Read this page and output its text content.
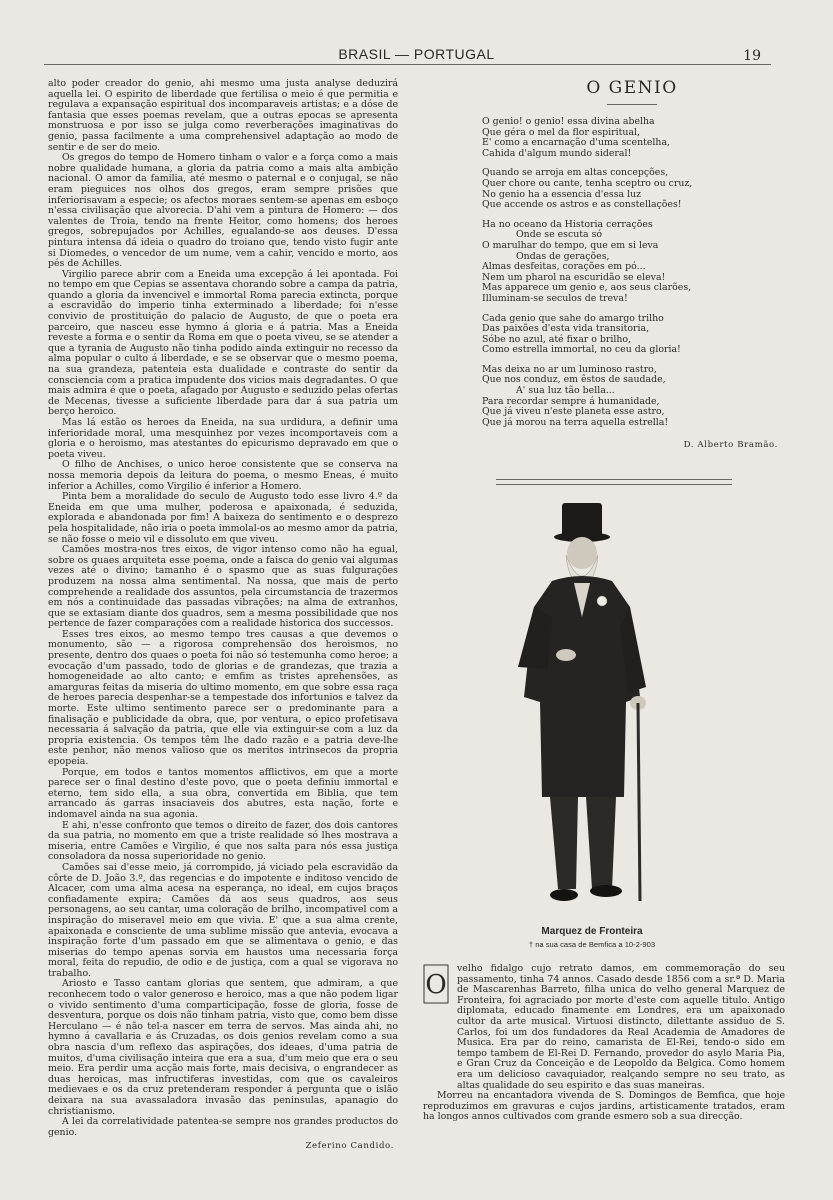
BRASIL — PORTUGAL	19

alto poder creador do genio, ahi mesmo uma justa analyse deduzirá aquella lei. O espirito de liberdade que fertilisa o meio é que permitia e regulava a expansação espiritual dos incomparaveis artistas; e a dóse de fantasia que esses poemas revelam, que a outras epocas se apresenta monstruosa e por isso se julga como reverberações imaginativas do genio, passa facilmente a uma comprehensivel adaptação ao modo de sentir e de ser do meio.

Os gregos do tempo de Homero tinham o valor e a força como a mais nobre qualidade humana, a gloria da patria como a mais alta ambição nacional. O amor da familia, até mesmo o paternal e o conjugal, se não eram pieguices nos olhos dos gregos, eram sempre prisões que inferiorisavam a especie; os afectos moraes sentem-se apenas em esboço n'essa civilisação que alvorecia. D'ahi vem a pintura de Homero: — dos valentes de Troia, tendo na frente Heitor, como homens; dos heroes gregos, sobrepujados por Achilles, egualando-se aos deuses. D'essa pintura intensa dá ideia o quadro do troiano que, tendo visto fugir ante si Diomedes, o vencedor de um nume, vem a cahir, vencido e morto, aos pés de Achilles.

Virgilio parece abrir com a Eneida uma excepção á lei apontada. Foi no tempo em que Cepias se assentava chorando sobre a campa da patria, quando a gloria da invencivel e immortal Roma parecia extincta, porque a escravidão do imperio tinha exterminado a liberdade; foi n'esse convivio de prostituição do palacio de Augusto, de que o poeta era parceiro, que nasceu esse hymno á gloria e á patria. Mas a Eneida reveste a forma e o sentir da Roma em que o poeta viveu, se se atender a que a tyrania de Augusto não tinha podido ainda extinguir no recesso da alma popular o culto á liberdade, e se se observar que o mesmo poema, na sua grandeza, patenteia esta dualidade e contraste do sentir da consciencia com a pratica impudente dos vicios mais degradantes. O que mais admira é que o poeta, afagado por Augusto e seduzido pelas ofertas de Mecenas, tivesse a suficiente liberdade para dar á sua patria um berço heroico.

Mas lá estão os heroes da Eneida, na sua urdidura, a definir uma inferioridade moral, uma mesquinhez por vezes incomportaveis com a gloria e o heroismo, mas atestantes do epicurismo depravado em que o poeta viveu.

O filho de Anchises, o unico heroe consistente que se conserva na nossa memoria depois da leitura do poema, o mesmo Eneas, é muito inferior a Achilles, como Virgilio é inferior a Homero.

Pinta bem a moralidade do seculo de Augusto todo esse livro 4.º da Eneida em que uma mulher, poderosa e apaixonada, é seduzida, explorada e abandonada por fim! A baixeza do sentimento e o desprezo pela hospitalidade, não iria o poeta immolal-os ao mesmo amor da patria, se não fosse o meio vil e dissoluto em que viveu.

Camões mostra-nos tres eixos, de vigor intenso como não ha egual, sobre os quaes arquiteta esse poema, onde a faisca do genio vai algumas vezes até o divino; tamanho é o spasmo que as suas fulgurações produzem na nossa alma sentimental. Na nossa, que mais de perto comprehende a realidade dos assuntos, pela circumstancia de trazermos em nós a continuidade das passadas vibrações; na alma de extranhos, que se extasiam diante dos quadros, sem a mesma possibilidade que nos pertence de fazer comparações com a realidade historica dos successos.

Esses tres eixos, ao mesmo tempo tres causas a que devemos o monumento, são — a rigorosa comprehensão dos heroismos, no presente, dentro dos quaes o poeta foi não só testemunha como heroe; a evocação d'um passado, todo de glorias e de grandezas, que trazia a homogeneidade ao alto canto; e emfim as tristes aprehensões, as amarguras feitas da miseria do ultimo momento, em que sobre essa raça de heroes parecia despenhar-se a tempestade dos infortunios e talvez da morte. Este ultimo sentimento parece ser o predominante para a finalisação e publicidade da obra, que, por ventura, o epico profetisava necessaria á salvação da patria, que elle via extinguir-se com a luz da propria existencia. Os tempos têm lhe dado razão e a patria deve-lhe este penhor, não menos valioso que os meritos intrinsecos da propria epopeia.

Porque, em todos e tantos momentos afflictivos, em que a morte parece ser o final destino d'este povo, que o poeta definiu immortal e eterno, tem sido ella, a sua obra, convertida em Biblia, que tem arrancado ás garras insaciaveis dos abutres, esta nação, forte e indomavel ainda na sua agonia.

E ahi, n'esse confronto que temos o direito de fazer, dos dois cantores da sua patria, no momento em que a triste realidade só lhes mostrava a miseria, entre Camões e Virgilio, é que nos salta para nós essa justiça consoladora da nossa superioridade no genio.

Camões sai d'esse meio, já corrompido, já viciado pela escravidão da côrte de D. João 3.º, das regencias e do impotente e inditoso vencido de Alcacer, com uma alma acesa na esperança, no ideal, em cujos braços confiadamente expira; Camões dá aos seus quadros, aos seus personagens, ao seu cantar, uma coloração de brilho, incompativel com a inspiração do miseravel meio em que vivia. E' que a sua alma crente, apaixonada e consciente de uma sublime missão que antevia, evocava a inspiração forte d'um passado em que se alimentava o genio, e das miserias do tempo apenas sorvia em haustos uma necessaria força moral, feita do repudio, de odio e de justiça, com a qual se vigorava no trabalho.

Ariosto e Tasso cantam glorias que sentem, que admiram, a que reconhecem todo o valor generoso e heroico, mas a que não podem ligar o vivido sentimento d'uma comparticipação, fosse de gloria, fosse de desventura, porque os dois não tinham patria, visto que, como bem disse Herculano — é não tel-a nascer em terra de servos. Mas ainda ahi, no hymno á cavallaria e ás Cruzadas, os dois genios revelam como a sua obra nascia d'um reflexo das aspirações, dos ideaes, d'uma patria de muitos, d'uma civilisação inteira que era a sua, d'um meio que era o seu meio. Era perdir uma acção mais forte, mais decisiva, o engrandecer as duas heroicas, mas infructiferas investidas, com que os cavaleiros medievaes e os da cruz pretenderam responder á pergunta que o islão deixara na sua avassaladora invasão das peninsulas, apanagio do christianismo.

A lei da correlatividade patentea-se sempre nos grandes productos do genio.

Zeferino Candido.
O GENIO
O genio! o genio! essa divina abelha
Que géra o mel da flor espiritual,
E' como a encarnação d'uma scentelha,
Cahida d'algum mundo sideral!
Quando se arroja em altas concepções,
Quer chore ou cante, tenha sceptro ou cruz,
No genio ha a essencia d'essa luz
Que accende os astros e as constellações!
Ha no oceano da Historia cerrações
Onde se escuta só
O marulhar do tempo, que em si leva
Ondas de gerações,
Almas desfeitas, corações em pó...
Nem um pharol na escuridão se eleva!
Mas apparece um genio e, aos seus clarões,
Illuminam-se seculos de treva!
Cada genio que sahe do amargo trilho
Das paixões d'esta vida transitoria,
Sóbe no azul, até fixar o brilho,
Como estrella immortal, no ceu da gloria!
Mas deixa no ar um luminoso rastro,
Que nos conduz, em êstos de saudade,
A' sua luz tão bella...
Para recordar sempre á humanidade,
Que já viveu n'este planeta esse astro,
Que já morou na terra aquella estrella!
D. Alberto Bramão.
Marquez de Fronteira
† na sua casa de Bemfica a 10-2-903
O

velho fidalgo cujo retrato damos, em commemoração do seu passamento, tinha 74 annos. Casado desde 1856 com a sr.ª D. Maria de Mascarenhas Barreto, filha unica do velho general Marquez de Fronteira, foi agraciado por morte d'este com aquelle titulo. Antigo diplomata, educado finamente em Londres, era um apaixonado cultor da arte musical. Virtuosi distincto, dilettante assiduo de S. Carlos, foi um dos fundadores da Real Academia de Amadores de Musica. Era par do reino, camarista de El-Rei, tendo-o sido em tempo tambem de El-Rei D. Fernando, provedor do asylo Maria Pia, e Gran Cruz da Conceição e de Leopoldo da Belgica. Como homem era um delicioso cavaquiador, realçando sempre no seu trato, as altas qualidade do seu espirito e das suas maneiras.

Morreu na encantadora vivenda de S. Domingos de Bemfica, que hoje reproduzimos em gravuras e cujos jardins, artisticamente tratados, eram ha longos annos cultivados com grande esmero sob a sua direcção.
